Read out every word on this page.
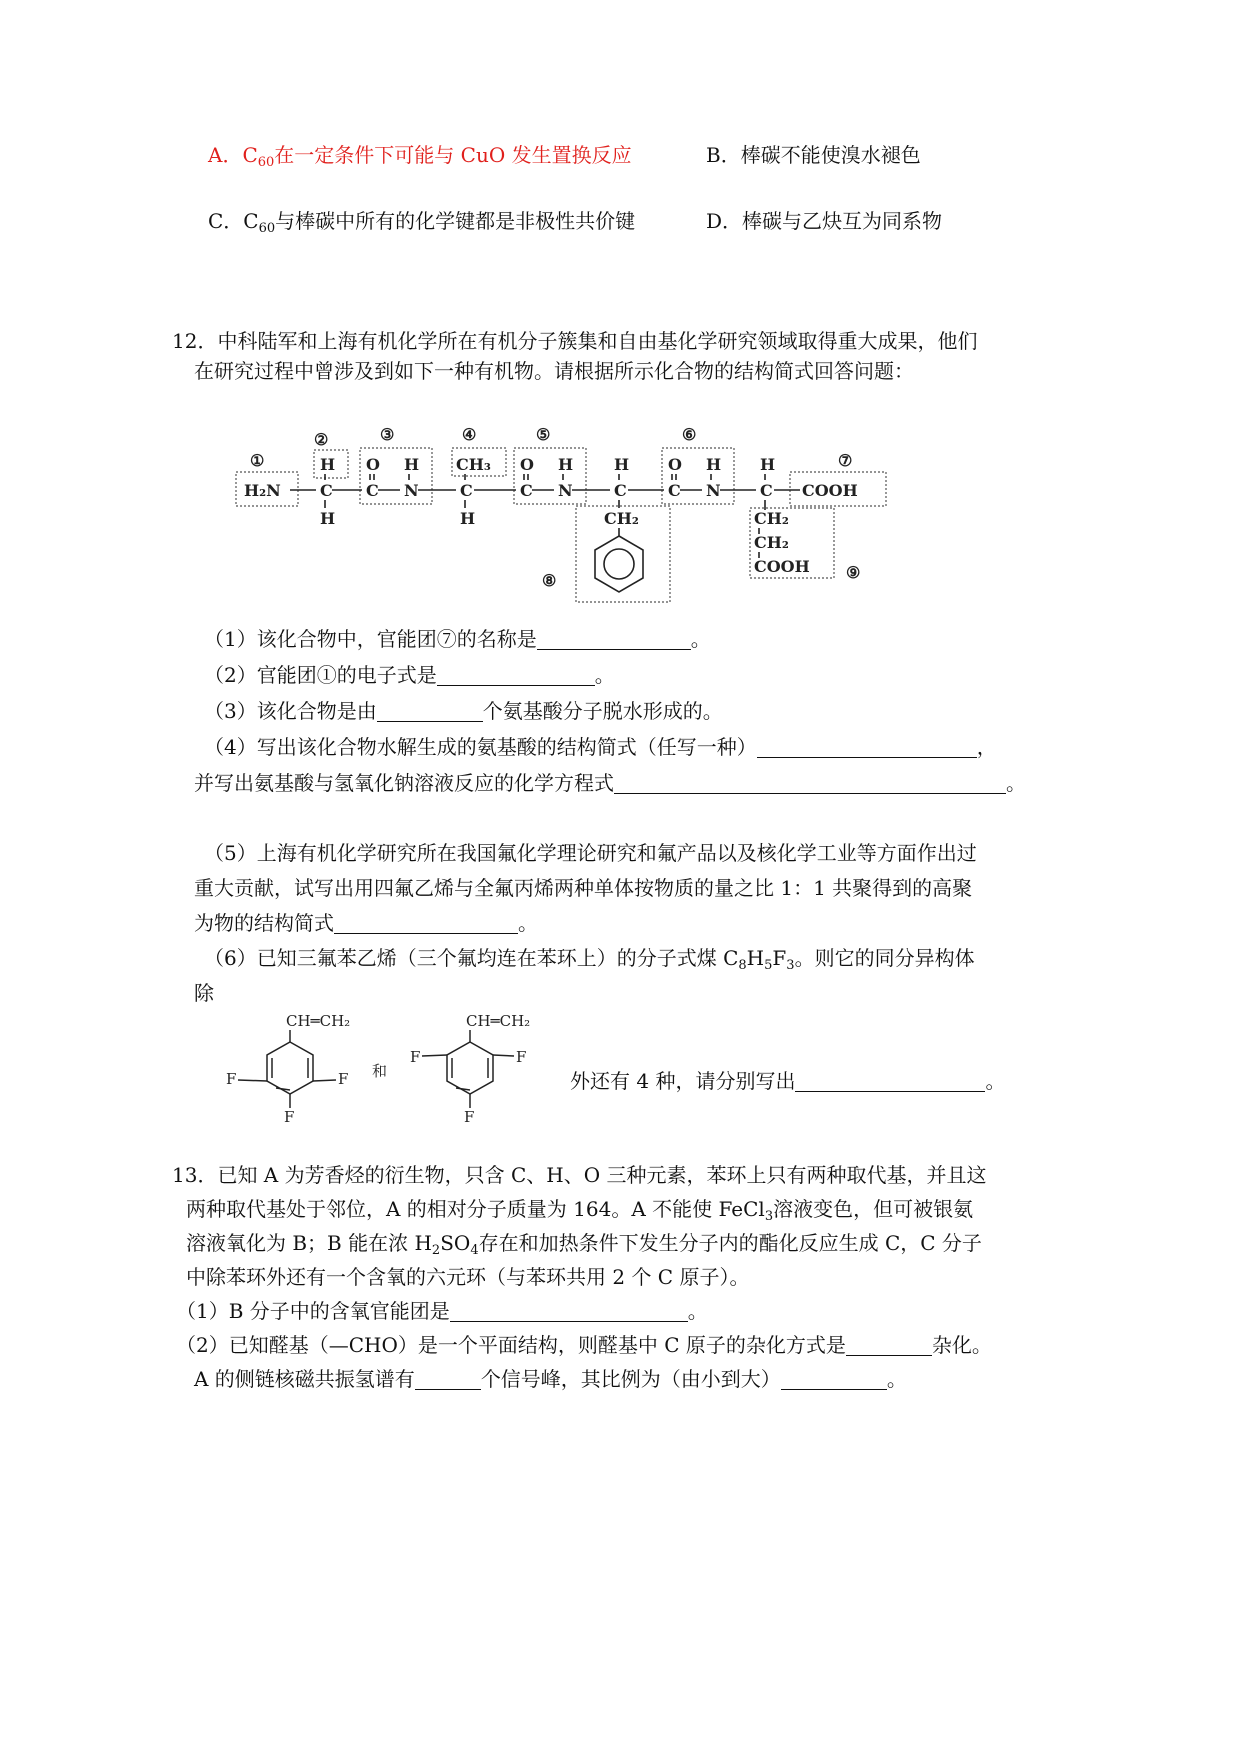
A．$C_{60}$在一定条件下可能与 CuO 发生置换反应	B．棒碳不能使溴水褪色
C．$C_{60}$与棒碳中所有的化学键都是非极性共价键	D．棒碳与乙炔互为同系物
12．中科陆军和上海有机化学所在有机分子簇集和自由基化学研究领域取得重大成果，他们
在研究过程中曾涉及到如下一种有机物。请根据所示化合物的结构简式回答问题：
①
②	③	④	⑤	⑥
⑦
⑧	⑨
H₂N
H
C
H
O
C
H
N
CH₃
C
H
O
C
H
N
H
C
CH₂
O
C
H
N
H
C COOH
CH₂
CH₂
COOH
（1）该化合物中，官能团⑦的名称是	。
（2）官能团①的电子式是	。
（3）该化合物是由	个氨基酸分子脱水形成的。
（4）写出该化合物水解生成的氨基酸的结构简式（任写一种）	，
并写出氨基酸与氢氧化钠溶液反应的化学方程式	。
（5）上海有机化学研究所在我国氟化学理论研究和氟产品以及核化学工业等方面作出过
重大贡献，试写出用四氟乙烯与全氟丙烯两种单体按物质的量之比 1：1 共聚得到的高聚
为物的结构简式	。
（6）已知三氟苯乙烯（三个氟均连在苯环上）的分子式煤 $C_8H_5F_3$。则它的同分异构体
除
CH═CH₂
F	F
F
和
CH═CH₂
F	F
F
外还有 4 种，请分别写出	。
13．已知 A 为芳香烃的衍生物，只含 C、H、O 三种元素，苯环上只有两种取代基，并且这
两种取代基处于邻位，A 的相对分子质量为 164。A 不能使 FeCl$_3$溶液变色，但可被银氨
溶液氧化为 B；B 能在浓 $H_2SO_4$存在和加热条件下发生分子内的酯化反应生成 C，C 分子
中除苯环外还有一个含氧的六元环（与苯环共用 2 个 C 原子）。
（1）B 分子中的含氧官能团是	。
（2）已知醛基（—CHO）是一个平面结构，则醛基中 C 原子的杂化方式是	杂化。
A 的侧链核磁共振氢谱有	个信号峰，其比例为（由小到大）	。
